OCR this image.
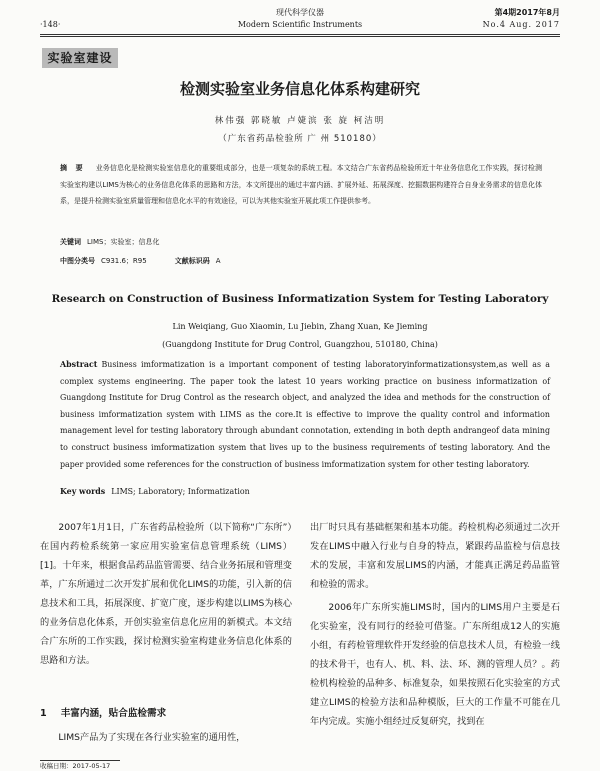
·148·
现代科学仪器
Modern Scientific Instruments
第4期2017年8月
No.4 Aug. 2017
实验室建设
检测实验室业务信息化体系构建研究
林伟强 郭晓敏 卢婕滨 张 旋 柯洁明
（广东省药品检验所 广 州 510180）
摘 要 业务信息化是检测实验室信息化的重要组成部分，也是一项复杂的系统工程。本文结合广东省药品检验所近十年业务信息化工作实践，探讨检测实验室构建以LIMS为核心的业务信息化体系的思路和方法，本文所提出的通过丰富内涵、扩展外延、拓展深度、挖掘数据构建符合自身业务需求的信息化体系，是提升检测实验室质量管理和信息化水平的有效途径，可以为其他实验室开展此项工作提供参考。
关键词 LIMS；实验室；信息化
中图分类号 C931.6；R95	文献标识码 A
Research on Construction of Business Informatization System for Testing Laboratory
Lin Weiqiang, Guo Xiaomin, Lu Jiebin, Zhang Xuan, Ke Jieming
(Guangdong Institute for Drug Control, Guangzhou, 510180, China)
Abstract Business imformatization is a important component of testing laboratoryinformatizationsystem,as well as a complex systems engineering. The paper took the latest 10 years working practice on business informatization of Guangdong Institute for Drug Control as the research object, and analyzed the idea and methods for the construction of business imformatization system with LIMS as the core.It is effective to improve the quality control and information management level for testing laboratory through abundant connotation, extending in both depth andrangeof data mining to construct business imformatization system that lives up to the business requirements of testing laboratory. And the paper provided some references for the construction of business imformatization system for other testing laboratory.
Key words LIMS; Laboratory; Informatization

2007年1月1日，广东省药品检验所（以下简称“广东所”）在国内药检系统第一家应用实验室信息管理系统（LIMS）[1]。十年来，根据食品药品监管需要、结合业务拓展和管理变革，广东所通过二次开发扩展和优化LIMS的功能，引入新的信息技术和工具，拓展深度、扩宽广度，逐步构建以LIMS为核心的业务信息化体系，开创实验室信息化应用的新模式。本文结合广东所的工作实践，探讨检测实验室构建业务信息化体系的思路和方法。

1 丰富内涵，贴合监检需求

LIMS产品为了实现在各行业实验室的通用性，

出厂时只具有基础框架和基本功能。药检机构必须通过二次开发在LIMS中融入行业与自身的特点，紧跟药品监检与信息技术的发展，丰富和发展LIMS的内涵，才能真正满足药品监管和检验的需求。

2006年广东所实施LIMS时，国内的LIMS用户主要是石化实验室，没有同行的经验可借鉴。广东所组成12人的实施小组，有药检管理软件开发经验的信息技术人员，有检验一线的技术骨干，也有人、机、料、法、环、测的管理人员？。药检机构检验的品种多、标准复杂，如果按照石化实验室的方式建立LIMS的检验方法和品种模版，巨大的工作量不可能在几年内完成。实施小组经过反复研究，找到在

收稿日期：2017-05-17
